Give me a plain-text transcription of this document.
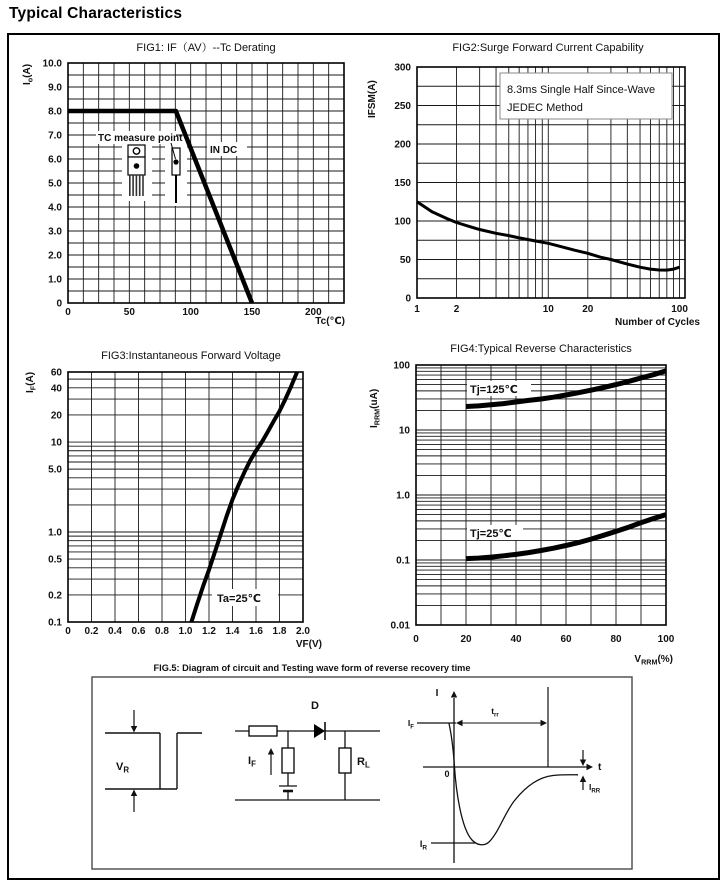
Typical Characteristics
TC measure point
IN DC
0	50	100	150	200
10.0
9.0
8.0
7.0
6.0
5.0
4.0
3.0
2.0
1.0
0
FIG1: IF（AV）--Tc Derating
Tc(℃)
$I_o(A)$
8.3ms Single Half Since-Wave
JEDEC Method
1	2	10	20	100
300
250
200
150
100
50
0
FIG2:Surge Forward Current Capability
Number of Cycles
IFSM(A)
Ta=25℃
0 0.2 0.4 0.6 0.8 1.0 1.2 1.4 1.6 1.8 2.0
60
40
20
10
5.0
1.0
0.5
0.2
0.1
FIG3:Instantaneous Forward Voltage
VF(V)
$I_F(A)$
Tj=125℃
Tj=25℃
0	20	40	60	80	100
100
10
1.0
0.1
0.01
FIG4:Typical Reverse Characteristics
$V_{RRM}(\%)$
$I_{RRM}(uA)$
FIG.5: Diagram of circuit and Testing wave form of reverse recovery time
$V_R$
$I_F$
D
$R_L$
I
t
$I_F$
$t_{rr}$
0
$I_R$
$I_{RR}$
